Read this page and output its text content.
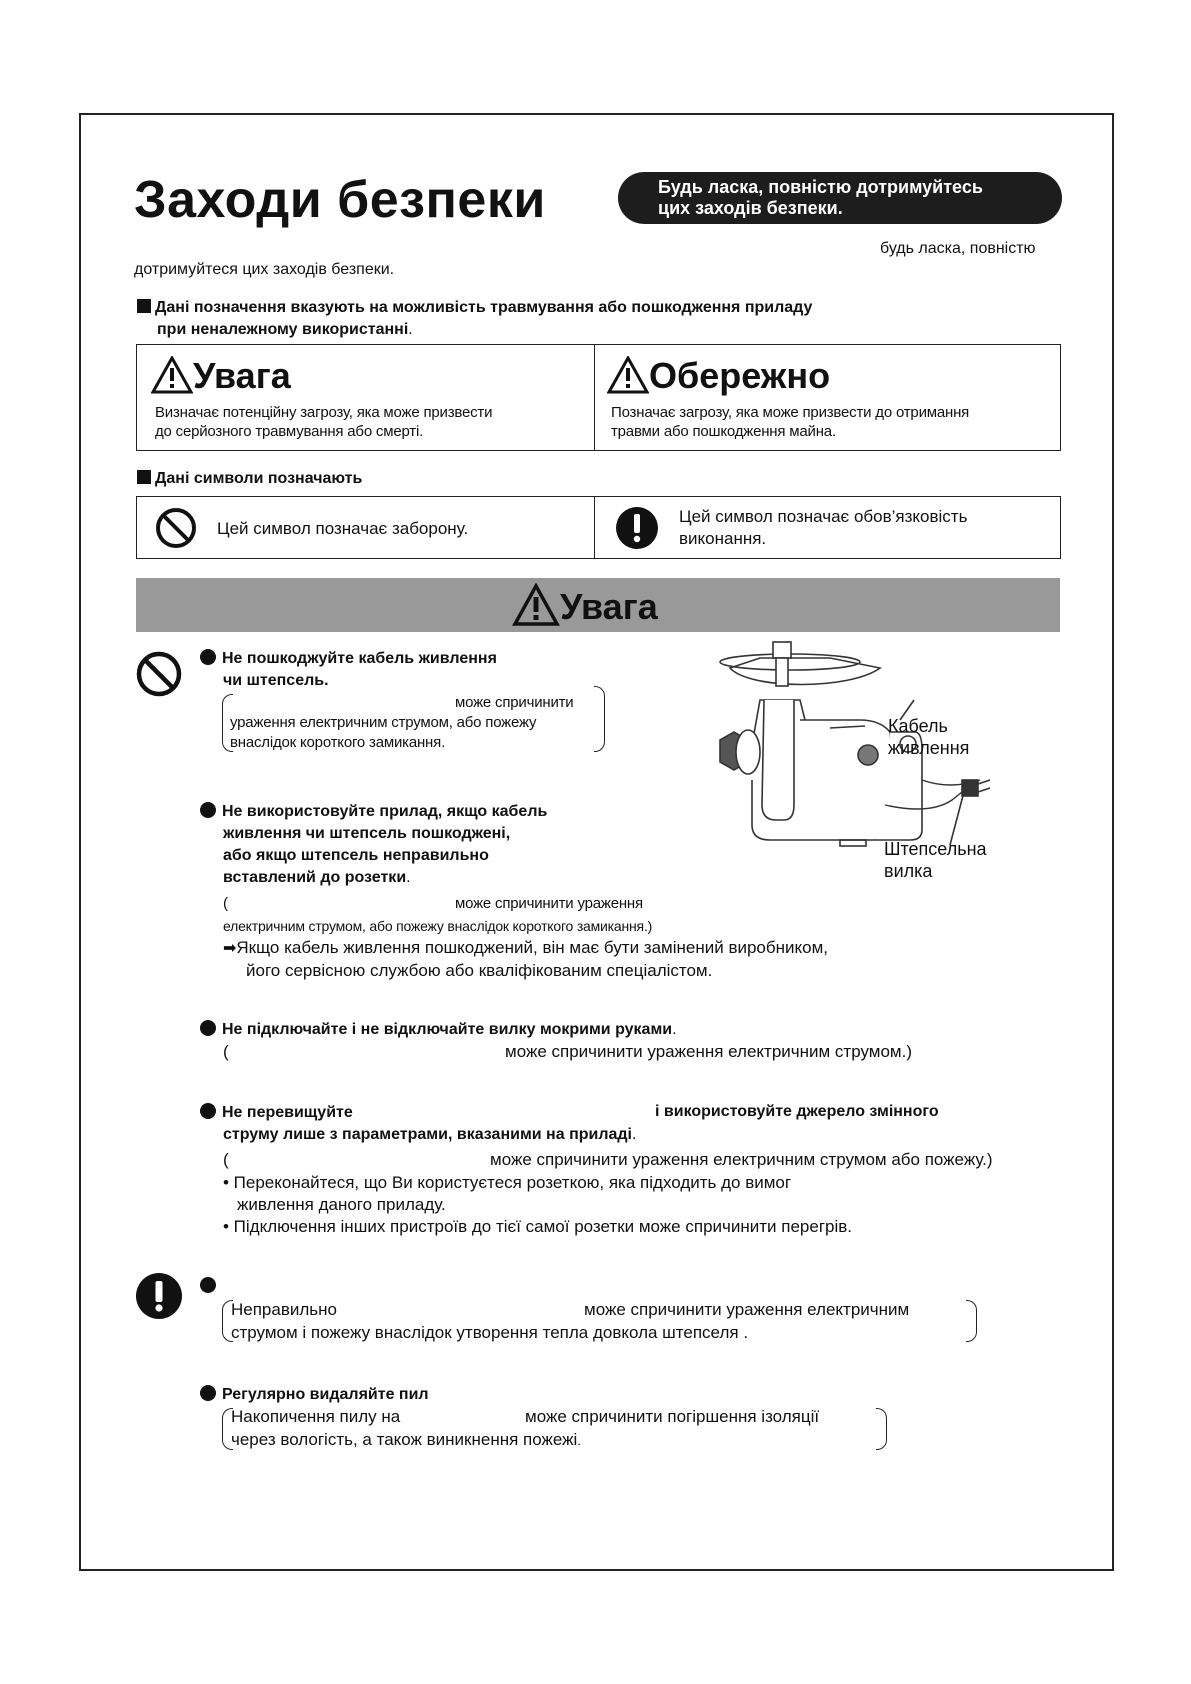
Заходи безпеки	Будь ласка, повністю дотримуйтесь
цих заходів безпеки.
будь ласка, повністю
дотримуйтеся цих заходів безпеки.
Дані позначення вказують на можливість травмування або пошкодження приладу
при неналежному використанні.
Увага
Визначає потенційну загрозу, яка може призвести
до серйозного травмування або смерті.
Обережно
Позначає загрозу, яка може призвести до отримання
травми або пошкодження майна.
Дані символи позначають
Цей символ позначає заборону.
Цей символ позначає обов’язковість
виконання.
Увага
Не пошкоджуйте кабель живлення
чи штепсель.
може спричинити
ураження електричним струмом, або пожежу
внаслідок короткого замикання.
Не використовуйте прилад, якщо кабель
живлення чи штепсель пошкоджені,
або якщо штепсель неправильно
вставлений до розетки.
(	може спричинити ураження
електричним струмом, або пожежу внаслідок короткого замикання.)
➡Якщо кабель живлення пошкоджений, він має бути замінений виробником,
його сервісною службою або кваліфікованим спеціалістом.
Не підключайте і не відключайте вилку мокрими руками.
(	може спричинити ураження електричним струмом.)
Не перевищуйте	і використовуйте джерело змінного
струму лише з параметрами, вказаними на приладі.
(	може спричинити ураження електричним струмом або пожежу.)
• Переконайтеся, що Ви користуєтеся розеткою, яка підходить до вимог
живлення даного приладу.
• Підключення інших пристроїв до тієї самої розетки може спричинити перегрів.
Неправильно	може спричинити ураження електричним
струмом і пожежу внаслідок утворення тепла довкола штепселя .
Регулярно видаляйте пил
Накопичення пилу на	може спричинити погіршення ізоляції
через вологість, а також виникнення пожежі.
Кабель
живлення
Штепсельна
вилка
